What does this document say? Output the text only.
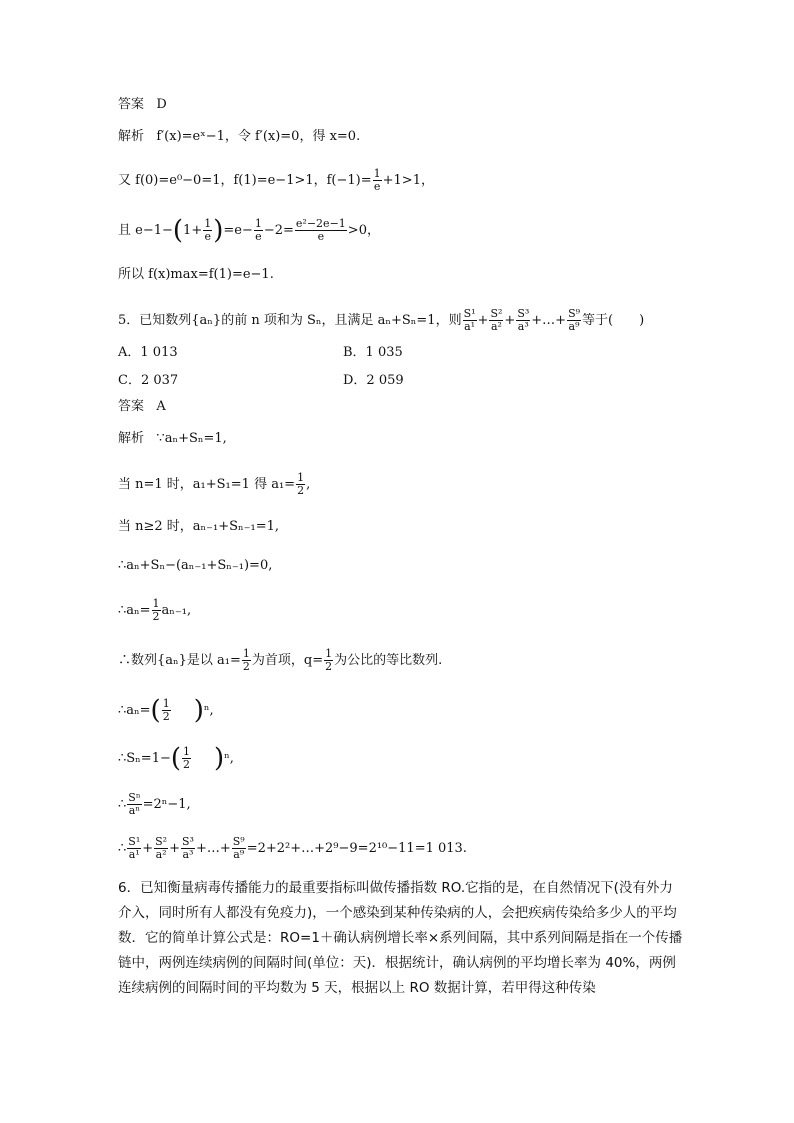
答案 D
解析 f′(x)=eˣ−1，令 f′(x)=0，得 x=0.
又 f(0)=e⁰−0=1，f(1)=e−1>1，$f(-1)= \frac{1}{e} +1>1$，
且 $e-1-(1+ \frac{1}{e} )=e- \frac{1}{e} -2= \frac{\text{e²−2e−1}}{e} >0$，
所以 f(x)max=f(1)=e−1.
5．已知数列{aₙ}的前 n 项和为 Sₙ，且满足 aₙ+Sₙ=1，则 $\frac{\text{S¹}}{\text{a¹}} + \frac{\text{S²}}{\text{a²}} + \frac{\text{S³}}{\text{a³}}$ +…+ $\frac{\text{S⁹}}{\text{a⁹}}$ 等于(　　)
A．1 013	B．1 035
C．2 037	D．2 059
答案 A
解析 ∵aₙ+Sₙ=1,
当 n=1 时，a₁+S₁=1 得 $a_1= \frac{1}{2}$ ,
当 n≥2 时，aₙ₋₁+Sₙ₋₁=1,
∴aₙ+Sₙ−(aₙ₋₁+Sₙ₋₁)=0,
∴aₙ= $\frac{1}{2} a_{n-1}$,
∴数列{aₙ}是以 $a_1= \frac{1}{2}$ 为首项，$q= \frac{1}{2}$ 为公比的等比数列.
∴aₙ=( $\frac{1}{2} )^n$,
∴Sₙ=1−( $\frac{1}{2} )^n$,
∴ $\frac{\text{Sⁿ}}{\text{aⁿ}} =2^n-1$,
∴ $\frac{\text{S¹}}{\text{a¹}} + \frac{\text{S²}}{\text{a²}} + \frac{\text{S³}}{\text{a³}}$ +…+ $\frac{\text{S⁹}}{\text{a⁹}}$ =2+2²+…+2⁹−9=2¹⁰−11=1 013.
6．已知衡量病毒传播能力的最重要指标叫做传播指数 RO.它指的是，在自然情况下(没有外力介入，同时所有人都没有免疫力)，一个感染到某种传染病的人，会把疾病传染给多少人的平均数．它的简单计算公式是：RO=1＋确认病例增长率×系列间隔，其中系列间隔是指在一个传播链中，两例连续病例的间隔时间(单位：天)．根据统计，确认病例的平均增长率为 40%，两例连续病例的间隔时间的平均数为 5 天，根据以上 RO 数据计算，若甲得这种传染
